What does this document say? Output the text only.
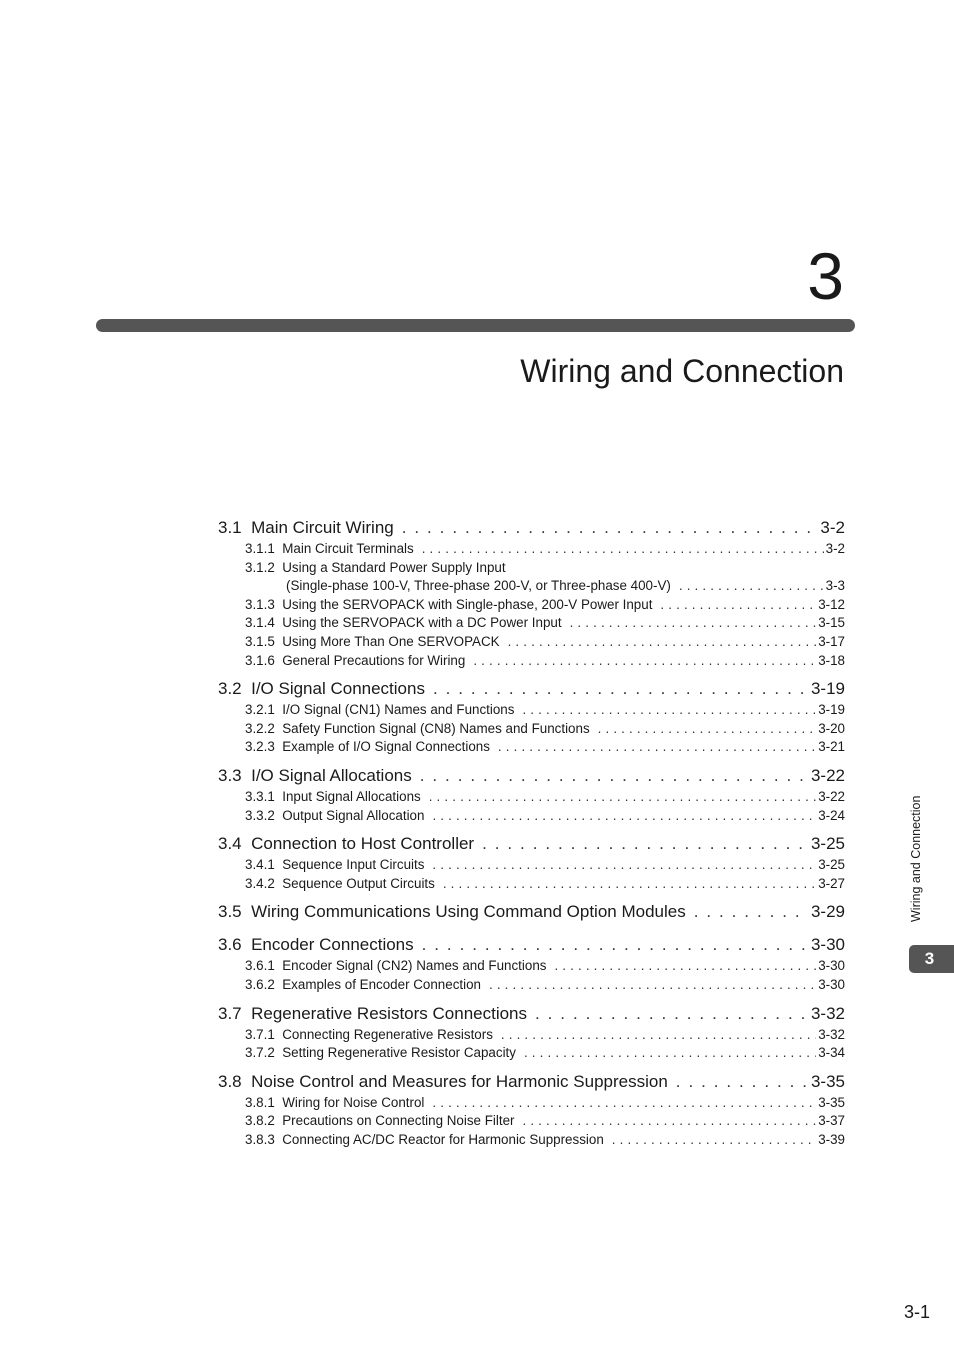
3
Wiring and Connection
3.1 Main Circuit Wiring . . .	3-2
3.1.1 Main Circuit Terminals . . .	3-2
3.1.2 Using a Standard Power Supply Input
(Single-phase 100-V, Three-phase 200-V, or Three-phase 400-V) . . .	3-3
3.1.3 Using the SERVOPACK with Single-phase, 200-V Power Input . . .	3-12
3.1.4 Using the SERVOPACK with a DC Power Input . . .	3-15
3.1.5 Using More Than One SERVOPACK . . .	3-17
3.1.6 General Precautions for Wiring . . .	3-18
3.2 I/O Signal Connections . . .	3-19
3.2.1 I/O Signal (CN1) Names and Functions . . .	3-19
3.2.2 Safety Function Signal (CN8) Names and Functions . . .	3-20
3.2.3 Example of I/O Signal Connections . . .	3-21
3.3 I/O Signal Allocations . . .	3-22
3.3.1 Input Signal Allocations . . .	3-22
3.3.2 Output Signal Allocation . . .	3-24
3.4 Connection to Host Controller . . .	3-25
3.4.1 Sequence Input Circuits . . .	3-25
3.4.2 Sequence Output Circuits . . .	3-27
3.5 Wiring Communications Using Command Option Modules . . .	3-29
3.6 Encoder Connections . . .	3-30
3.6.1 Encoder Signal (CN2) Names and Functions . . .	3-30
3.6.2 Examples of Encoder Connection . . .	3-30
3.7 Regenerative Resistors Connections . . .	3-32
3.7.1 Connecting Regenerative Resistors . . .	3-32
3.7.2 Setting Regenerative Resistor Capacity . . .	3-34
3.8 Noise Control and Measures for Harmonic Suppression . . .	3-35
3.8.1 Wiring for Noise Control . . .	3-35
3.8.2 Precautions on Connecting Noise Filter . . .	3-37
3.8.3 Connecting AC/DC Reactor for Harmonic Suppression . . .	3-39
Wiring and Connection
3
3-1
